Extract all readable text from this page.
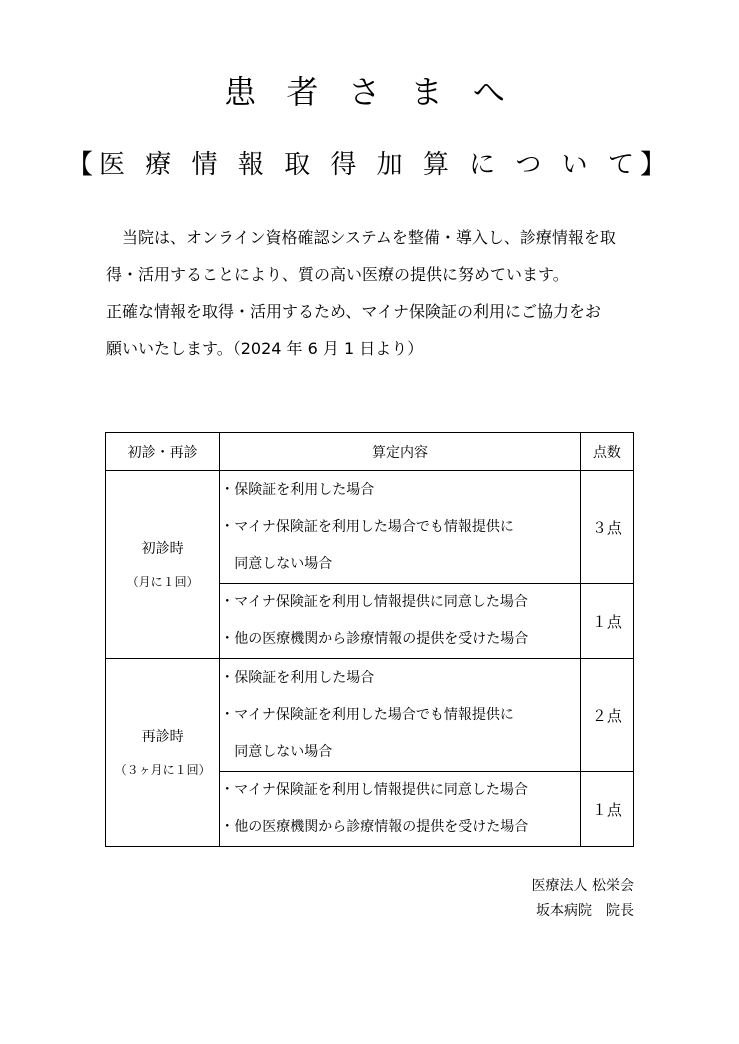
患 者 さ ま へ
【医 療 情 報 取 得 加 算 に つ い て】

当院は、オンライン資格確認システムを整備・導入し、診療情報を取

得・活用することにより、質の高い医療の提供に努めています。

正確な情報を取得・活用するため、マイナ保険証の利用にご協力をお

願いいたします。（2024 年 6 月 1 日より）

初診・再診	算定内容	点数

初診時
（月に１回）	・保険証を利用した場合
・マイナ保険証を利用した場合でも情報提供に
同意しない場合	３点

	・マイナ保険証を利用し情報提供に同意した場合
・他の医療機関から診療情報の提供を受けた場合	１点

再診時
（３ヶ月に１回）	・保険証を利用した場合
・マイナ保険証を利用した場合でも情報提供に
同意しない場合	２点

	・マイナ保険証を利用し情報提供に同意した場合
・他の医療機関から診療情報の提供を受けた場合	１点
医療法人 松栄会
坂本病院　院長
